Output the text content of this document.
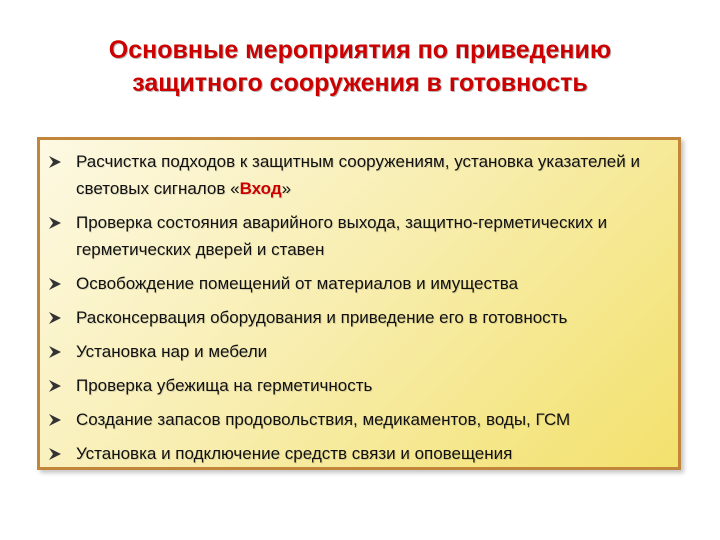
Основные мероприятия по приведению
защитного сооружения в готовность
Расчистка подходов к защитным сооружениям, установка указателей и световых сигналов «Вход»
Проверка состояния аварийного выхода, защитно-герметических и герметических дверей и ставен
Освобождение помещений от материалов и имущества
Расконсервация оборудования и приведение его в готовность
Установка нар и мебели
Проверка убежища на герметичность
Создание запасов продовольствия, медикаментов, воды, ГСМ
Установка и подключение средств связи и оповещения
